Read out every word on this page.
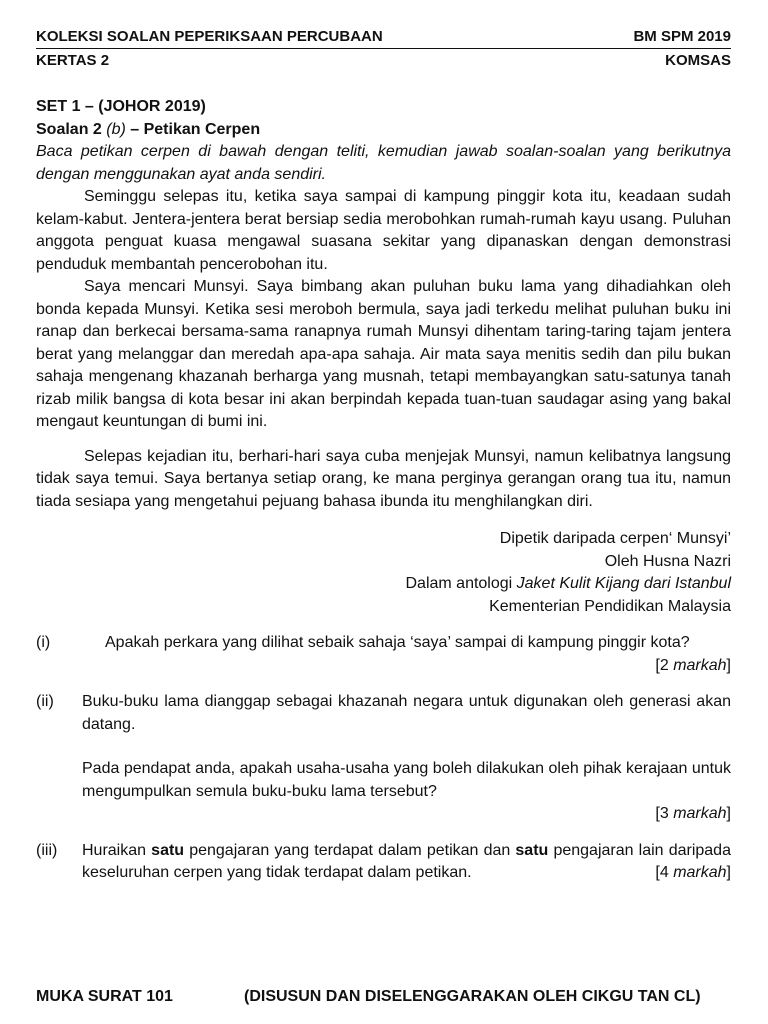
KOLEKSI SOALAN PEPERIKSAAN PERCUBAAN	BM SPM 2019
KERTAS 2	KOMSAS
SET 1 – (JOHOR 2019)
Soalan 2 (b) – Petikan Cerpen
Baca petikan cerpen di bawah dengan teliti, kemudian jawab soalan-soalan yang berikutnya dengan menggunakan ayat anda sendiri.

Seminggu selepas itu, ketika saya sampai di kampung pinggir kota itu, keadaan sudah kelam-kabut. Jentera-jentera berat bersiap sedia merobohkan rumah-rumah kayu usang. Puluhan anggota penguat kuasa mengawal suasana sekitar yang dipanaskan dengan demonstrasi penduduk membantah pencerobohan itu.

Saya mencari Munsyi. Saya bimbang akan puluhan buku lama yang dihadiahkan oleh bonda kepada Munsyi. Ketika sesi meroboh bermula, saya jadi terkedu melihat puluhan buku ini ranap dan berkecai bersama-sama ranapnya rumah Munsyi dihentam taring-taring tajam jentera berat yang melanggar dan meredah apa-apa sahaja. Air mata saya menitis sedih dan pilu bukan sahaja mengenang khazanah berharga yang musnah, tetapi membayangkan satu-satunya tanah rizab milik bangsa di kota besar ini akan berpindah kepada tuan-tuan saudagar asing yang bakal mengaut keuntungan di bumi ini.

Selepas kejadian itu, berhari-hari saya cuba menjejak Munsyi, namun kelibatnya langsung tidak saya temui. Saya bertanya setiap orang, ke mana perginya gerangan orang tua itu, namun tiada sesiapa yang mengetahui pejuang bahasa ibunda itu menghilangkan diri.

Dipetik daripada cerpen‘ Munsyi’
Oleh Husna Nazri
Dalam antologi Jaket Kulit Kijang dari Istanbul
Kementerian Pendidikan Malaysia
(i)	Apakah perkara yang dilihat sebaik sahaja ‘saya’ sampai di kampung pinggir kota?
[2 markah]
(ii)	Buku-buku lama dianggap sebagai khazanah negara untuk digunakan oleh generasi akan datang.
Pada pendapat anda, apakah usaha-usaha yang boleh dilakukan oleh pihak kerajaan untuk mengumpulkan semula buku-buku lama tersebut?
[3 markah]
(iii)	Huraikan satu pengajaran yang terdapat dalam petikan dan satu pengajaran lain daripada keseluruhan cerpen yang tidak terdapat dalam petikan.	[4 markah]
MUKA SURAT 101	(DISUSUN DAN DISELENGGARAKAN OLEH CIKGU TAN CL)
